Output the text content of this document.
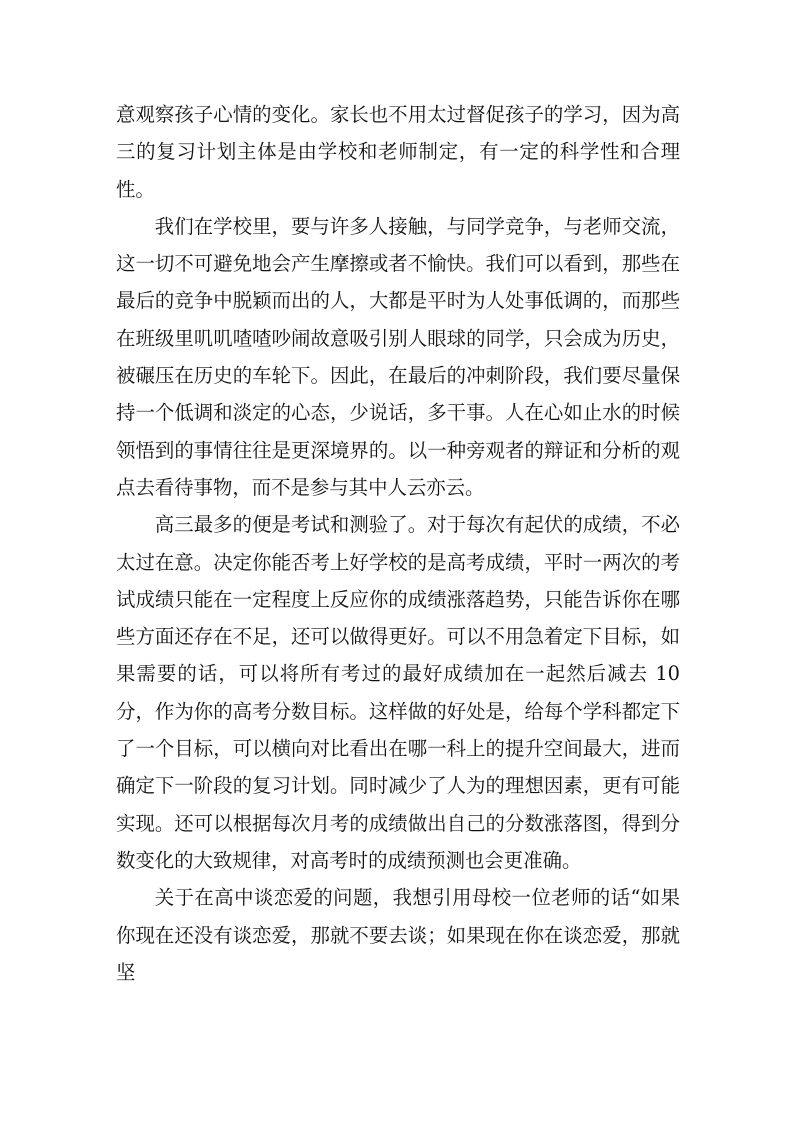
意观察孩子心情的变化。家长也不用太过督促孩子的学习，因为高三的复习计划主体是由学校和老师制定，有一定的科学性和合理性。

我们在学校里，要与许多人接触，与同学竞争，与老师交流，这一切不可避免地会产生摩擦或者不愉快。我们可以看到，那些在最后的竞争中脱颖而出的人，大都是平时为人处事低调的，而那些在班级里叽叽喳喳吵闹故意吸引别人眼球的同学，只会成为历史，被碾压在历史的车轮下。因此，在最后的冲刺阶段，我们要尽量保持一个低调和淡定的心态，少说话，多干事。人在心如止水的时候领悟到的事情往往是更深境界的。以一种旁观者的辩证和分析的观点去看待事物，而不是参与其中人云亦云。

高三最多的便是考试和测验了。对于每次有起伏的成绩，不必太过在意。决定你能否考上好学校的是高考成绩，平时一两次的考试成绩只能在一定程度上反应你的成绩涨落趋势，只能告诉你在哪些方面还存在不足，还可以做得更好。可以不用急着定下目标，如果需要的话，可以将所有考过的最好成绩加在一起然后减去 10 分，作为你的高考分数目标。这样做的好处是，给每个学科都定下了一个目标，可以横向对比看出在哪一科上的提升空间最大，进而确定下一阶段的复习计划。同时减少了人为的理想因素，更有可能实现。还可以根据每次月考的成绩做出自己的分数涨落图，得到分数变化的大致规律，对高考时的成绩预测也会更准确。

关于在高中谈恋爱的问题，我想引用母校一位老师的话“如果你现在还没有谈恋爱，那就不要去谈；如果现在你在谈恋爱，那就坚
